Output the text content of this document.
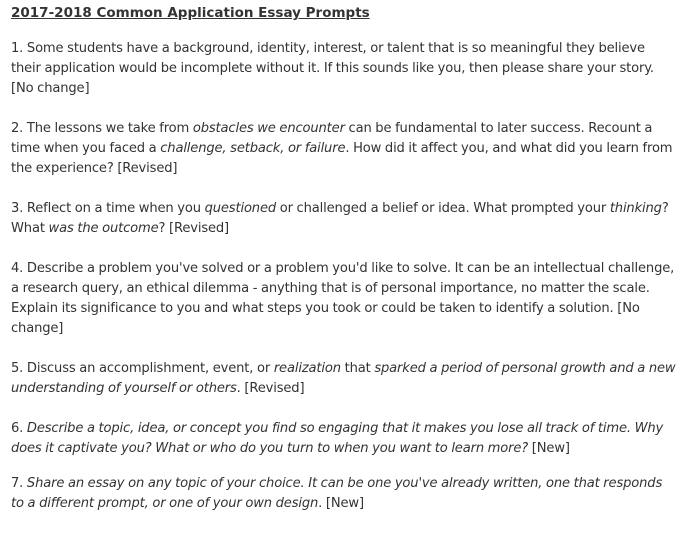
2017-2018 Common Application Essay Prompts

1. Some students have a background, identity, interest, or talent that is so meaningful they believe their application would be incomplete without it. If this sounds like you, then please share your story. [No change]

2. The lessons we take from obstacles we encounter can be fundamental to later success. Recount a time when you faced a challenge, setback, or failure. How did it affect you, and what did you learn from the experience? [Revised]

3. Reflect on a time when you questioned or challenged a belief or idea. What prompted your thinking? What was the outcome? [Revised]

4. Describe a problem you've solved or a problem you'd like to solve. It can be an intellectual challenge, a research query, an ethical dilemma - anything that is of personal importance, no matter the scale. Explain its significance to you and what steps you took or could be taken to identify a solution. [No change]

5. Discuss an accomplishment, event, or realization that sparked a period of personal growth and a new understanding of yourself or others. [Revised]

6. Describe a topic, idea, or concept you find so engaging that it makes you lose all track of time. Why does it captivate you? What or who do you turn to when you want to learn more? [New]

7. Share an essay on any topic of your choice. It can be one you've already written, one that responds to a different prompt, or one of your own design. [New]
